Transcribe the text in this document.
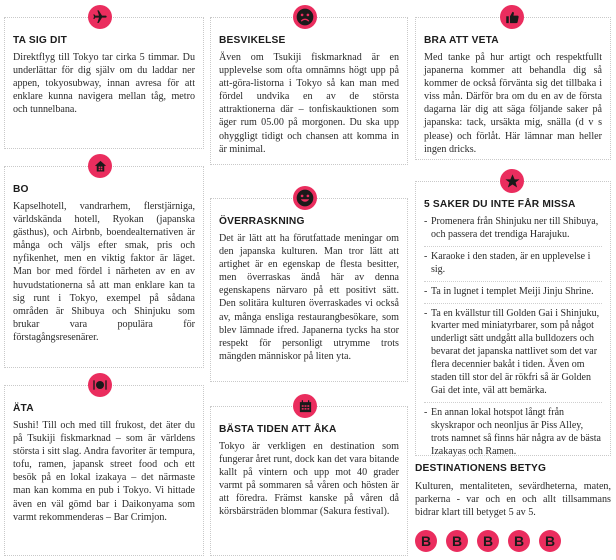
TA SIG DIT

Direktflyg till Tokyo tar cirka 5 timmar. Du underlättar för dig själv om du laddar ner appen, tokyosubway, innan avresa för att enklare kunna navigera mellan tåg, metro och tunnelbana.

BO

Kapselhotell, vandrarhem, flerstjärniga, världskända hotell, Ryokan (japanska gästhus), och Airbnb, boendealternativen är många och väljs efter smak, pris och nyfikenhet, men en viktig faktor är läget. Man bor med fördel i närheten av en av huvudstationerna så att man enklare kan ta sig runt i Tokyo, exempel på sådana områden är Shibuya och Shinjuku som brukar vara populära för förstagångsresenärer.

ÄTA

Sushi! Till och med till frukost, det äter du på Tsukiji fiskmarknad – som är världens största i sitt slag. Andra favoriter är tempura, tofu, ramen, japansk street food och ett besök på en lokal izakaya – det närmaste man kan komma en pub i Tokyo. Vi hittade även en väl gömd bar i Daikonyama som varmt rekommenderas – Bar Crimjon.

BESVIKELSE

Även om Tsukiji fiskmarknad är en upplevelse som ofta omnämns högt upp på att-göra-listorna i Tokyo så kan man med fördel undvika en av de största attraktionerna där – tonfiskauktionen som äger rum 05.00 på morgonen. Du ska upp ohyggligt tidigt och chansen att komma in är minimal.

ÖVERRASKNING

Det är lätt att ha förutfattade meningar om den japanska kulturen. Man tror lätt att artighet är en egenskap de flesta besitter, men överraskas ändå här av denna egenskapens närvaro på ett positivt sätt. Den solitära kulturen överraskades vi också av, många ensliga restaurangbesökare, som blev lämnade ifred. Japanerna tycks ha stor respekt för personligt utrymme trots mängden människor på liten yta.

BÄSTA TIDEN ATT ÅKA

Tokyo är verkligen en destination som fungerar året runt, dock kan det vara bitande kallt på vintern och upp mot 40 grader varmt på sommaren så våren och hösten är att föredra. Främst kanske på våren då körsbärsträden blommar (Sakura festival).

BRA ATT VETA

Med tanke på hur artigt och respektfullt japanerna kommer att behandla dig så kommer de också förvänta sig det tillbaka i viss mån. Därför bra om du en av de första dagarna lär dig att säga följande saker på japanska: tack, ursäkta mig, snälla (d v s please) och förlåt. Här lämnar man heller ingen dricks.

5 SAKER DU INTE FÅR MISSA
- Promenera från Shinjuku ner till Shibuya, och passera det trendiga Harajuku.
- Karaoke i den staden, är en upplevelse i sig.
- Ta in lugnet i templet Meiji Jinju Shrine.
- Ta en kvällstur till Golden Gai i Shinjuku, kvarter med miniatyrbarer, som på något underligt sätt undgått alla bulldozers och bevarat det japanska nattlivet som det var flera decennier bakåt i tiden. Även om staden till stor del är rökfri så är Golden Gai det inte, väl att bemärka.
- En annan lokal hotspot långt från skyskrapor och neonljus är Piss Alley, trots namnet så finns här några av de bästa Izakayas och Ramen.
DESTINATIONENS BETYG
Kulturen, mentaliteten, sevärdheterna, maten, parkerna - var och en och allt tillsammans bidrar klart till betyget 5 av 5.
B	B	B	B	B
